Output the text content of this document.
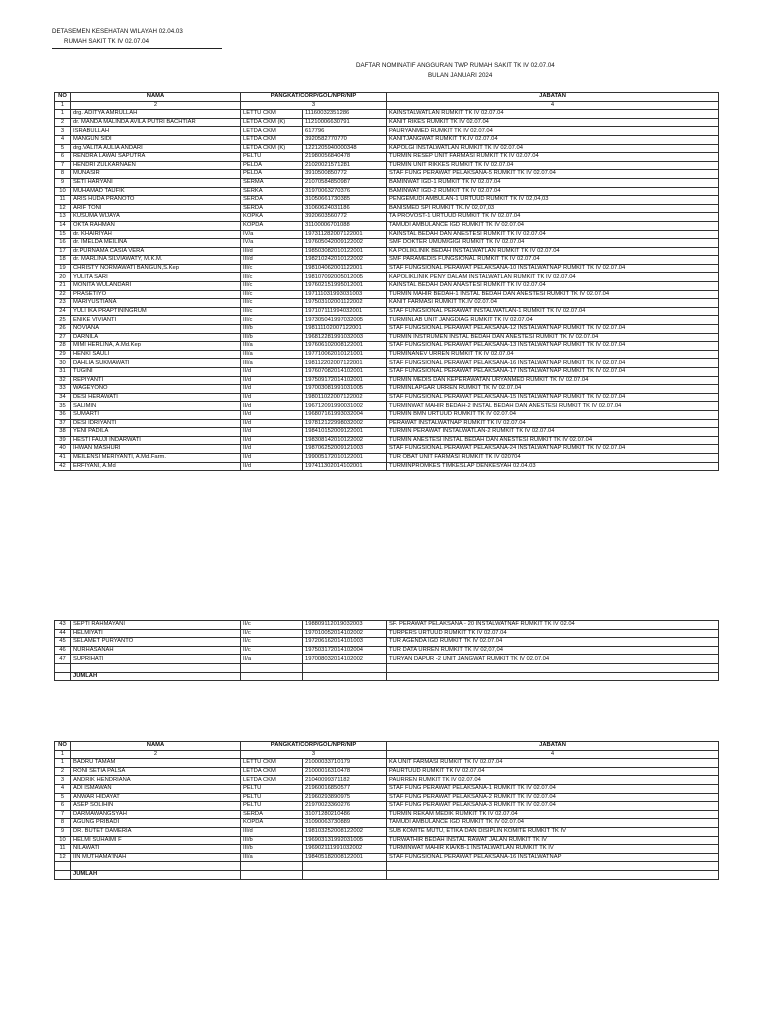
DETASEMEN KESEHATAN WILAYAH 02.04.03
RUMAH SAKIT TK IV 02.07.04
DAFTAR NOMINATIF ANGGURAN TWP RUMAH SAKIT TK IV 02.07.04
BULAN JANUARI 2024
NO	NAMA	PANGKAT/CORP/GOL/NPR/NIP		JABATAN
1	2	3		4
1	drg. ADITYA AMRULLAH	LETTU CKM	11160032351286	KAINSTALWATLAN RUMKIT TK IV 02.07.04
2	dr. MANDA MALINDA AVILA PUTRI BACHTIAR	LETDA CKM (K)	11210006630791	KANIT RIKES RUMKIT TK IV 02.07.04
3	ISRABULLAH	LETDA CKM	617796	PAURYANMED RUMKIT TK IV 02.07.04
4	MANGUN SIDI	LETDA CKM	3920582770770	KANITJANGWAT RUMKIT TK.IV 02.07.04
5	drg.VALITA AULIA ANDARI	LETDA CKM (K)	1221205940000348	KAPOLGI INSTALWATLAN RUMKIT TK IV 02.07.04
6	RENDRA LAWAI SAPUTRA	PELTU	21980056840478	TURMIN RESEP UNIT FARMASI RUMKIT TK IV 02.07.04
7	HENDRI ZULKARNAEN	PELDA	21020021571281	TURMIN UNIT RIKKES RUMKIT TK IV 02.07.04
8	MUNASIR	PELDA	3910500850772	STAF FUNG PERAWAT PELAKSANA-5 RUMKIT TK IV 02.07.04
9	SETI HARYANI	SERMA	21070584850987	BAMINWAT IGD-1 RUMKIT TK IV 02.07.04
10	MUHAMAD TAUFIK	SERKA	31970063270376	BAMINWAT IGD-2 RUMKIT TK IV 02.07.04
11	ARIS HUDA PRANOTO	SERDA	31050661730385	PENGEMUDI AMBULAN-1 URTUUD RUMKIT TK IV 02,04,03
12	ARIF TONI	SERDA	31060624031186	BANISMED SPI RUMKIT TK.IV 02,07,03
13	KUSUMA WIJAYA	KOPKA	3920603560772	TA PROVOST-1 URTUUD RUMKIT TK IV 02.07.04
14	OKTA RAHMAN	KOPDA	31100006701088	TAMUDI AMBULANCE IGD RUMKIT TK IV 02.07.04
15	dr. KHAIRIYAH	IV/a	197311282007122001	KAINSTAL BEDAH DAN ANESTESI RUMKIT TK IV 02.07.04
16	dr. IMELDA MEILINA	IV/a	197605042009122002	SMF DOKTER UMUM/GIGI RUMKIT TK IV 02.07.04
17	dr.PURNAMA CASIA VERA	III/d	198503082010122001	KA POLIKLINIK BEDAH INSTALWATLAN RUMKIT TK IV 02.07.04
18	dr. MARLINA SILVIAWATY, M.K.M.	III/d	198210242010122002	SMF PARAMEDIS FUNGSIONAL RUMKIT TK IV 02.07.04
19	CHRISTY NORMAWATI BANGUN,S.Kep	III/c	198104062001122001	STAF FUNGSIONAL PERAWAT PELAKSANA-10 INSTALWATNAP RUMKIT TK IV 02.07.04
20	YULITA SARI	III/c	198107092005012005	KAPOLIKLINIK PENY DALAM INSTALWATLAN RUMKIT TK IV 02.07.04
21	MONITA WULANDARI	III/c	197602151995012001	KAINSTAL BEDAH DAN ANASTESI RUMKIT TK IV 02.07.04
22	PRASETIYO	III/c	197111031993031003	TURMIN MAHIR BEDAH-1 INSTAL BEDAH DAN ANESTESI RUMKIT TK IV 02.07.04
23	MARIYUSTIANA	III/c	197503102001122002	KANIT FARMASI RUMKIT TK.IV 02.07.04
24	YULI IKA PRAPTININGRUM	III/c	197107111994032001	STAF FUNGSIONAL PERAWAT INSTALWATLAN-1 RUMKIT TK IV 02.07.04
25	ENIKE VIVIANTI	III/c	197305041997032005	TURMINLAB UNIT JANGDIAG RUMKIT TK IV 02.07.04
26	NOVIANA	III/b	198111102007122001	STAF FUNGSIONAL PERAWAT PELAKSANA-12 INSTALWATNAP RUMKIT TK IV 02.07.04
27	DARNILA	III/b	196812281991032003	TURMIN INSTRUMEN INSTAL BEDAH DAN ANESTESI RUMKIT TK IV 02.07.04
28	MIMI HERLINA, A.Md.Kep	III/a	197606102008122001	STAF FUNGSIONAL PERAWAT PELAKSANA-13 INSTALWATNAP RUMKIT TK IV 02.07.04
29	HENKI SAULI	III/a	197710062010121001	TURMINANEV URREN RUMKIT TK IV 02.07.04
30	DAHLIA SUKMAWATI	III/a	198112202007122001	STAF FUNGSIONAL PERAWAT PELAKSANA-16 INSTALWATNAP RUMKIT TK IV 02.07.04
31	TUGINI	II/d	197607082014102001	STAF FUNGSIONAL PERAWAT PELAKSANA-17 INSTALWATNAP RUMKIT TK IV 02.07.04
32	REPIYANTI	II/d	197509172014102001	TURMIN MEDIS DAN KEPERAWATAN URYANMED RUMKIT TK IV 02.07.04
33	WAGEYONO	II/d	197003081991031005	TURMINLAPGAR URREN RUMKIT TK IV 02.07.04
34	DESI HERAWATI	II/d	198011022007122002	STAF FUNGSIONAL PERAWAT PELAKSANA-15 INSTALWATNAP RUMKIT TK IV 02.07.04
35	SALIMIN	II/d	196712091990031002	TURMINWAT MAHIR BEDAH-2 INSTAL BEDAH DAN ANESTESI RUMKIT TK IV 02.07.04
36	SUMARTI	II/d	196807161993032004	TURMIN BMN URTUUD RUMKIT TK IV 02.07.04
37	DESI IDRIYANTI	II/d	197812122998032002	PERAWAT INSTALWATNAP RUMKIT TK IV 02.07.04
38	YENI PADILA	II/d	198410152009122001	TURMIN PERAWAT INSTALWATLAN-2 RUMKIT TK IV 02.07.04
39	HESTI FAUJI INDARWATI	II/d	198308142010122002	TURMIN ANESTESI INSTAL BEDAH DAN ANESTESI RUMKIT TK IV 02.07.04
40	IHWAN MASHURI	II/d	198706252009121003	STAF FUNGSIONAL PERAWAT PELAKSANA-24 INSTALWATNAP RUMKIT TK IV 02.07.04
41	MEILENSI MERIYANTI, A.Md.Farm.	II/d	199005172010122001	TUR OBAT UNIT FARMASI RUMKIT TK IV 020704
42	ERFIYANI, A.Md	II/d	197411302014102001	TURMINPROMKES TIMKESLAP DENKESYAH 02.04.03
43	SEPTI RAHMAYANI	II/c	198809112019032003	SF. PERAWAT PELAKSANA - 20 INSTALWATNAF RUMKIT TK IV 02.04
44	HELMIYATI	II/c	197010052014102002	TURPERS URTUUD RUMKIT TK IV 02.07.04
45	SELAMET PURYANTO	II/c	197206162014101003	TUR AGENDA IGD RUMKIT TK IV 02.07.04
46	NURHASANAH	II/c	197503172014102004	TUR DATA URREN RUMKIT TK IV 02,07,04
47	SUPRIHATI	II/a	197008032014102002	TURYAN DAPUR -2 UNIT JANGWAT RUMKIT TK IV 02.07.04

	JUMLAH			
NO	NAMA	PANGKAT/CORP/GOL/NPR/NIP		JABATAN
1	2	3		4
1	BADRU TAMAM	LETTU CKM	21000033710179	KA UNIT FARMASI RUMKIT TK IV 02.07.04
2	RONI SETIA PALSA	LETDA CKM	21000016310478	PAURTUUD RUMKIT TK IV 02.07.04
3	ANDRIK HENDRIANA	LETDA CKM	21040099371182	PAURREN RUMKIT TK IV 02.07.04
4	ADI ISMAWAN	PELTU	21960016850577	STAF FUNG PERAWAT PELAKSANA-1 RUMKIT TK IV 02.07.04
5	ANWAR HIDAYAT	PELTU	21960293890975	STAF FUNG PERAWAT PELAKSANA-2 RUMKIT TK IV 02.07.04
6	ASEP SOLIHIN	PELTU	21970023360276	STAF FUNG PERAWAT PELAKSANA-3 RUMKIT TK IV 02.07.04
7	DARMAWANGSYAH	SERDA	31071280210486	TURMIN REKAM MEDIK RUMKIT TK IV 02.07.04
8	AGUNG PRIBADI	KOPDA	31090063730889	TAMUDI AMBULANCE IGD RUMKIT TK IV 02.07.04
9	DR. BUTET DAMERIA	III/d	198103252008122002	SUB KOMITE MUTU, ETIKA DAN DISIPLIN KOMITE RUMKIT TK IV
10	HELMI SUHAIMI F	III/b	196903131992031005	TURWATHIR BEDAH INSTAL RAWAT JALAN RUMKIT TK IV
11	NILAWATI	III/b	196902111991032002	TURMINWAT MAHIR KIA/KB-1 INSTALWATLAN RUMKIT TK IV
12	IIN MUTHAMA'INAH	III/a	198405182008122001	STAF FUNGSIONAL PERAWAT PELAKSANA-16 INSTALWATNAP

	JUMLAH			
